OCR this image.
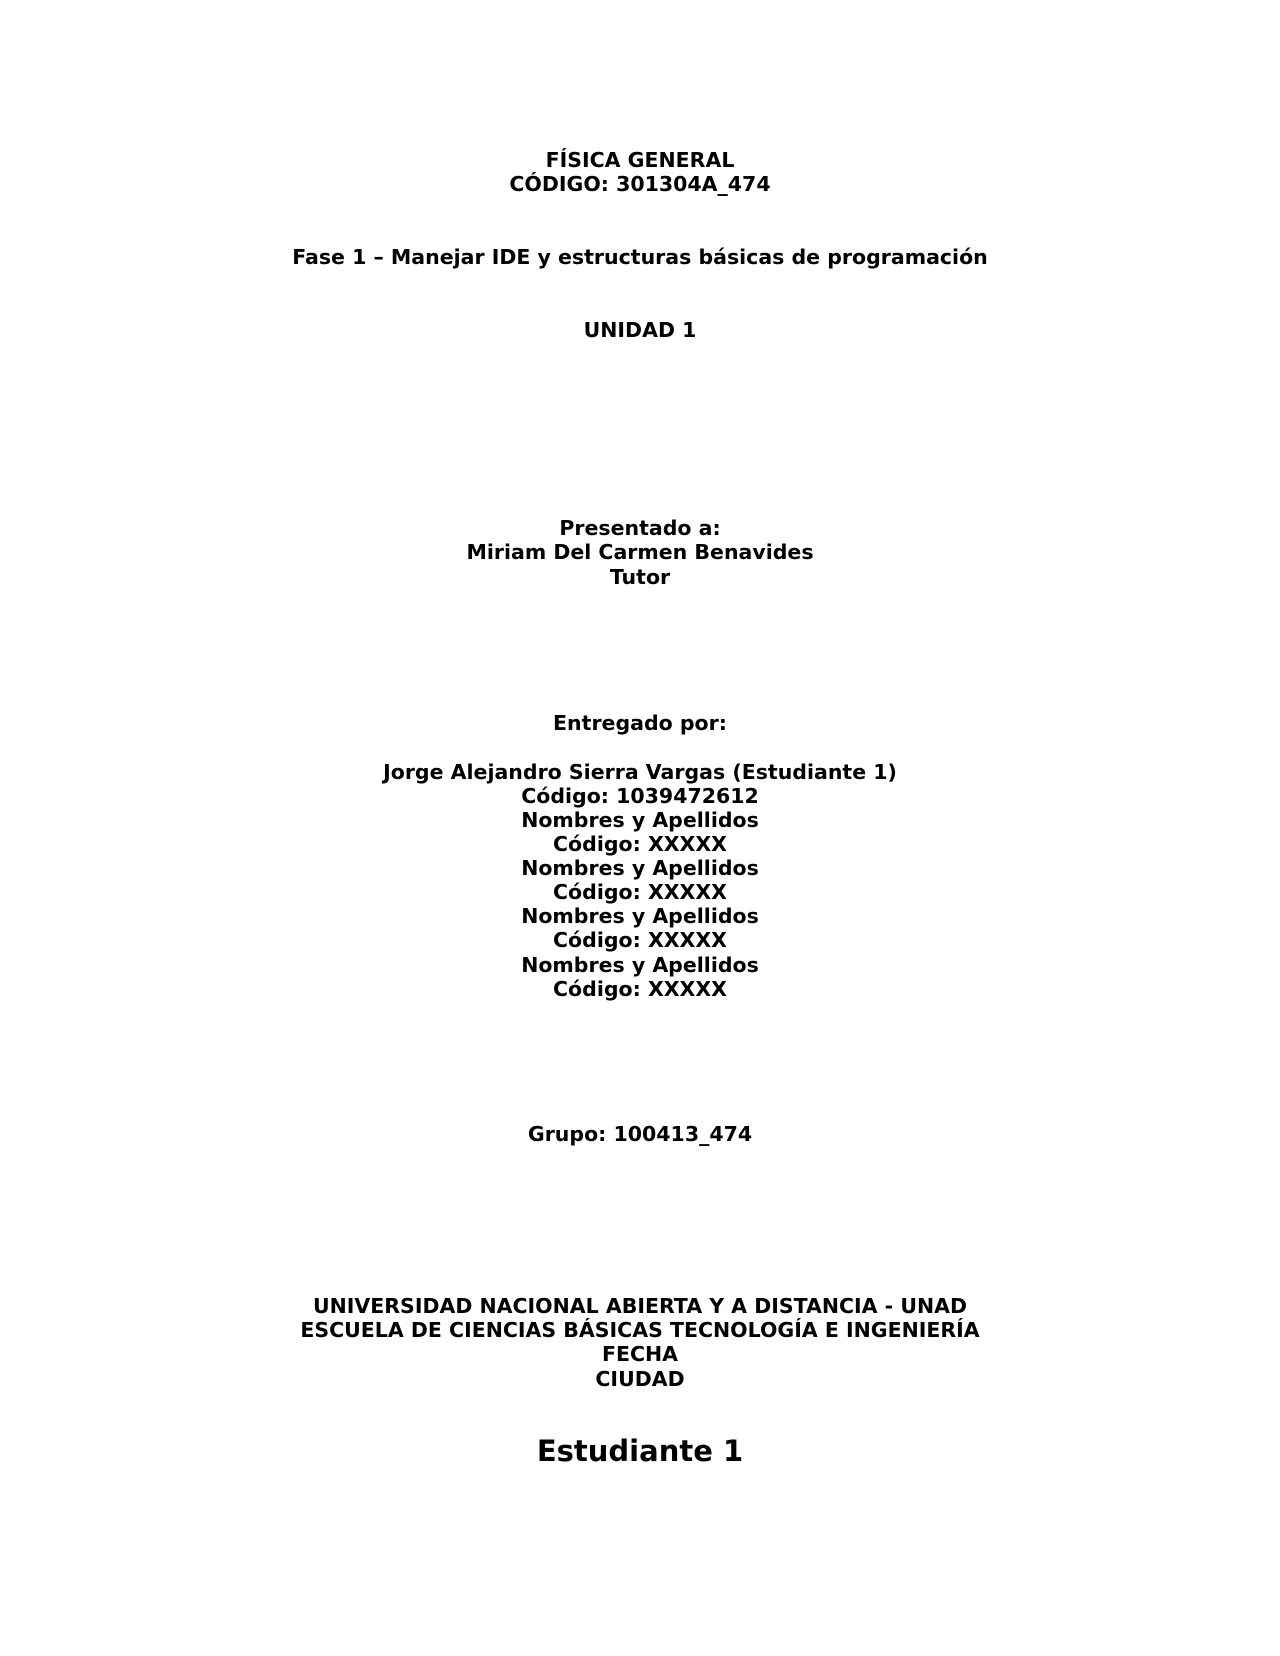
FÍSICA GENERAL

CÓDIGO: 301304A_474

Fase 1 – Manejar IDE y estructuras básicas de programación

UNIDAD 1

Presentado a:

Miriam Del Carmen Benavides

Tutor

Entregado por:

Jorge Alejandro Sierra Vargas (Estudiante 1)

Código: 1039472612

Nombres y Apellidos

Código: XXXXX

Nombres y Apellidos

Código: XXXXX

Nombres y Apellidos

Código: XXXXX

Nombres y Apellidos

Código: XXXXX

Grupo: 100413_474

UNIVERSIDAD NACIONAL ABIERTA Y A DISTANCIA - UNAD

ESCUELA DE CIENCIAS BÁSICAS TECNOLOGÍA E INGENIERÍA

FECHA

CIUDAD

Estudiante 1
